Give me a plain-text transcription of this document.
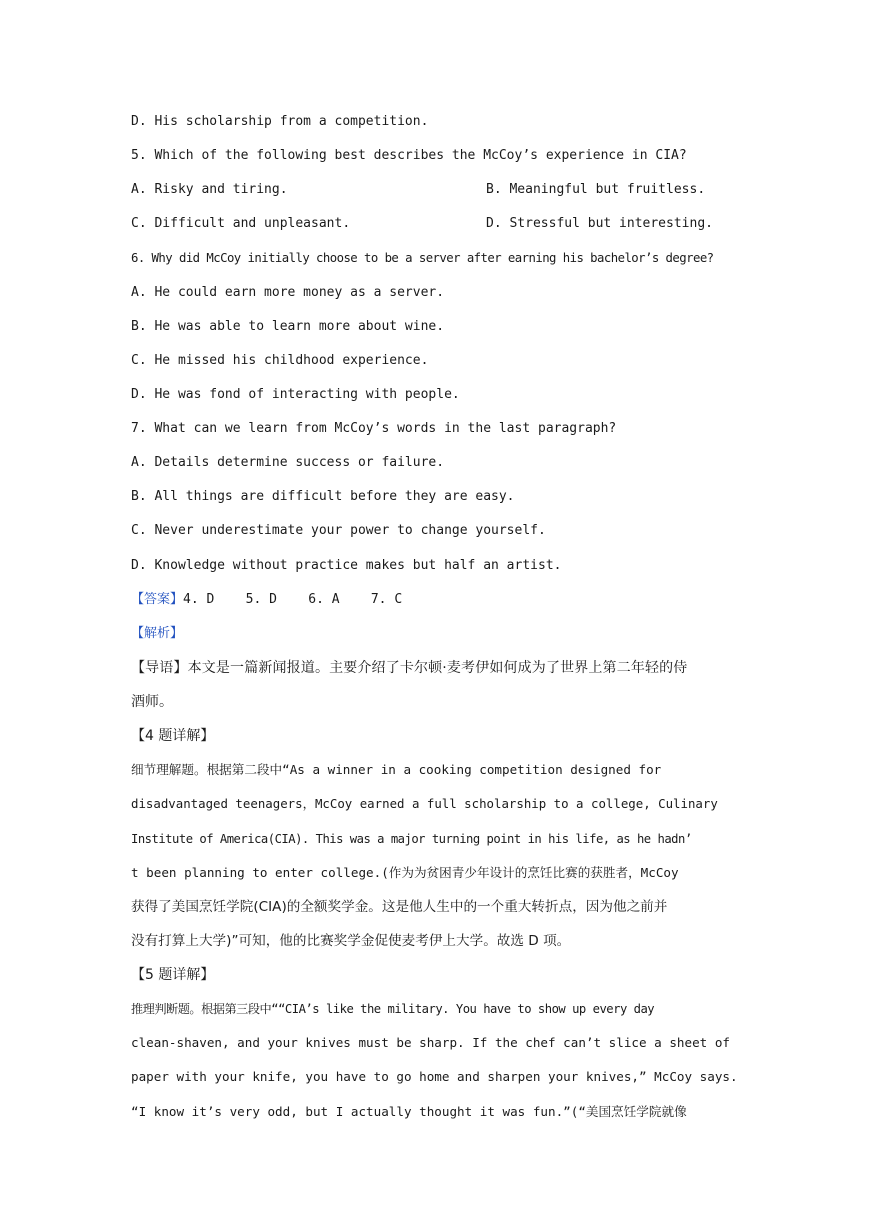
D. His scholarship from a competition.
5. Which of the following best describes the McCoy’s experience in CIA?
A. Risky and tiring.	B. Meaningful but fruitless.
C. Difficult and unpleasant.	D. Stressful but interesting.
6. Why did McCoy initially choose to be a server after earning his bachelor’s degree?
A. He could earn more money as a server.
B. He was able to learn more about wine.
C. He missed his childhood experience.
D. He was fond of interacting with people.
7. What can we learn from McCoy’s words in the last paragraph?
A. Details determine success or failure.
B. All things are difficult before they are easy.
C. Never underestimate your power to change yourself.
D. Knowledge without practice makes but half an artist.
【答案】4. D    5. D    6. A    7. C
【解析】
【导语】本文是一篇新闻报道。主要介绍了卡尔顿·麦考伊如何成为了世界上第二年轻的侍
酒师。
【4 题详解】
细节理解题。根据第二段中“As a winner in a cooking competition designed for
disadvantaged teenagers，McCoy earned a full scholarship to a college, Culinary
Institute of America(CIA). This was a major turning point in his life, as he hadn’
t been planning to enter college.(作为为贫困青少年设计的烹饪比赛的获胜者，McCoy
获得了美国烹饪学院(CIA)的全额奖学金。这是他人生中的一个重大转折点，因为他之前并
没有打算上大学)”可知，他的比赛奖学金促使麦考伊上大学。故选 D 项。
【5 题详解】
推理判断题。根据第三段中““CIA’s like the military. You have to show up every day
clean-shaven, and your knives must be sharp. If the chef can’t slice a sheet of
paper with your knife, you have to go home and sharpen your knives,” McCoy says.
“I know it’s very odd, but I actually thought it was fun.”(“美国烹饪学院就像
